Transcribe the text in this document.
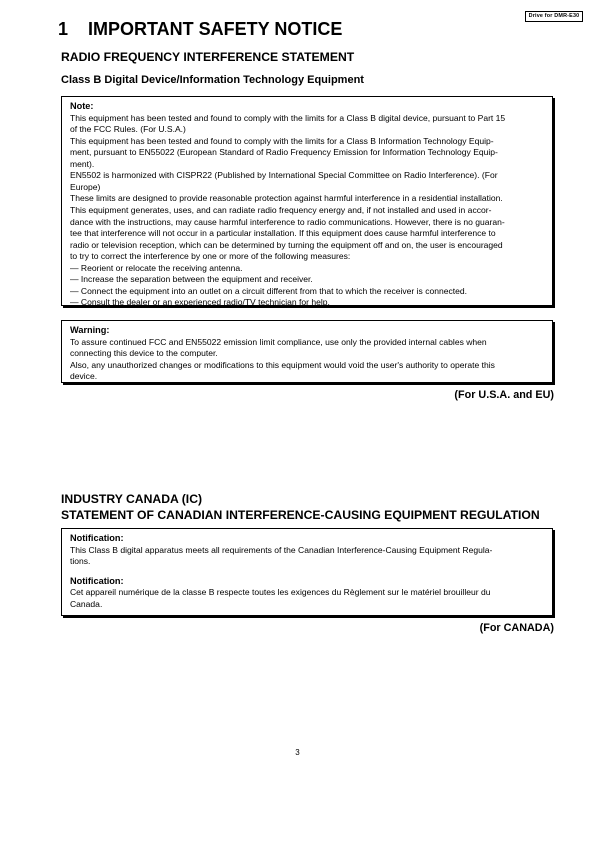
Drive for DMR-E30
1 IMPORTANT SAFETY NOTICE
RADIO FREQUENCY INTERFERENCE STATEMENT
Class B Digital Device/Information Technology Equipment
Note:
This equipment has been tested and found to comply with the limits for a Class B digital device, pursuant to Part 15
of the FCC Rules. (For U.S.A.)
This equipment has been tested and found to comply with the limits for a Class B Information Technology Equip-
ment, pursuant to EN55022 (European Standard of Radio Frequency Emission for Information Technology Equip-
ment).
EN5502 is harmonized with CISPR22 (Published by International Special Committee on Radio Interference). (For
Europe)
These limits are designed to provide reasonable protection against harmful interference in a residential installation.
This equipment generates, uses, and can radiate radio frequency energy and, if not installed and used in accor-
dance with the instructions, may cause harmful interference to radio communications. However, there is no guaran-
tee that interference will not occur in a particular installation. If this equipment does cause harmful interference to
radio or television reception, which can be determined by turning the equipment off and on, the user is encouraged
to try to correct the interference by one or more of the following measures:
— Reorient or relocate the receiving antenna.
— Increase the separation between the equipment and receiver.
— Connect the equipment into an outlet on a circuit different from that to which the receiver is connected.
— Consult the dealer or an experienced radio/TV technician for help.
Warning:
To assure continued FCC and EN55022 emission limit compliance, use only the provided internal cables when
connecting this device to the computer.
Also, any unauthorized changes or modifications to this equipment would void the user's authority to operate this
device.
(For U.S.A. and EU)
INDUSTRY CANADA (IC)
STATEMENT OF CANADIAN INTERFERENCE-CAUSING EQUIPMENT REGULATION
Notification:
This Class B digital apparatus meets all requirements of the Canadian Interference-Causing Equipment Regula-
tions.
Notification:
Cet appareil numérique de la classe B respecte toutes les exigences du Règlement sur le matériel brouilleur du
Canada.
(For CANADA)
3
